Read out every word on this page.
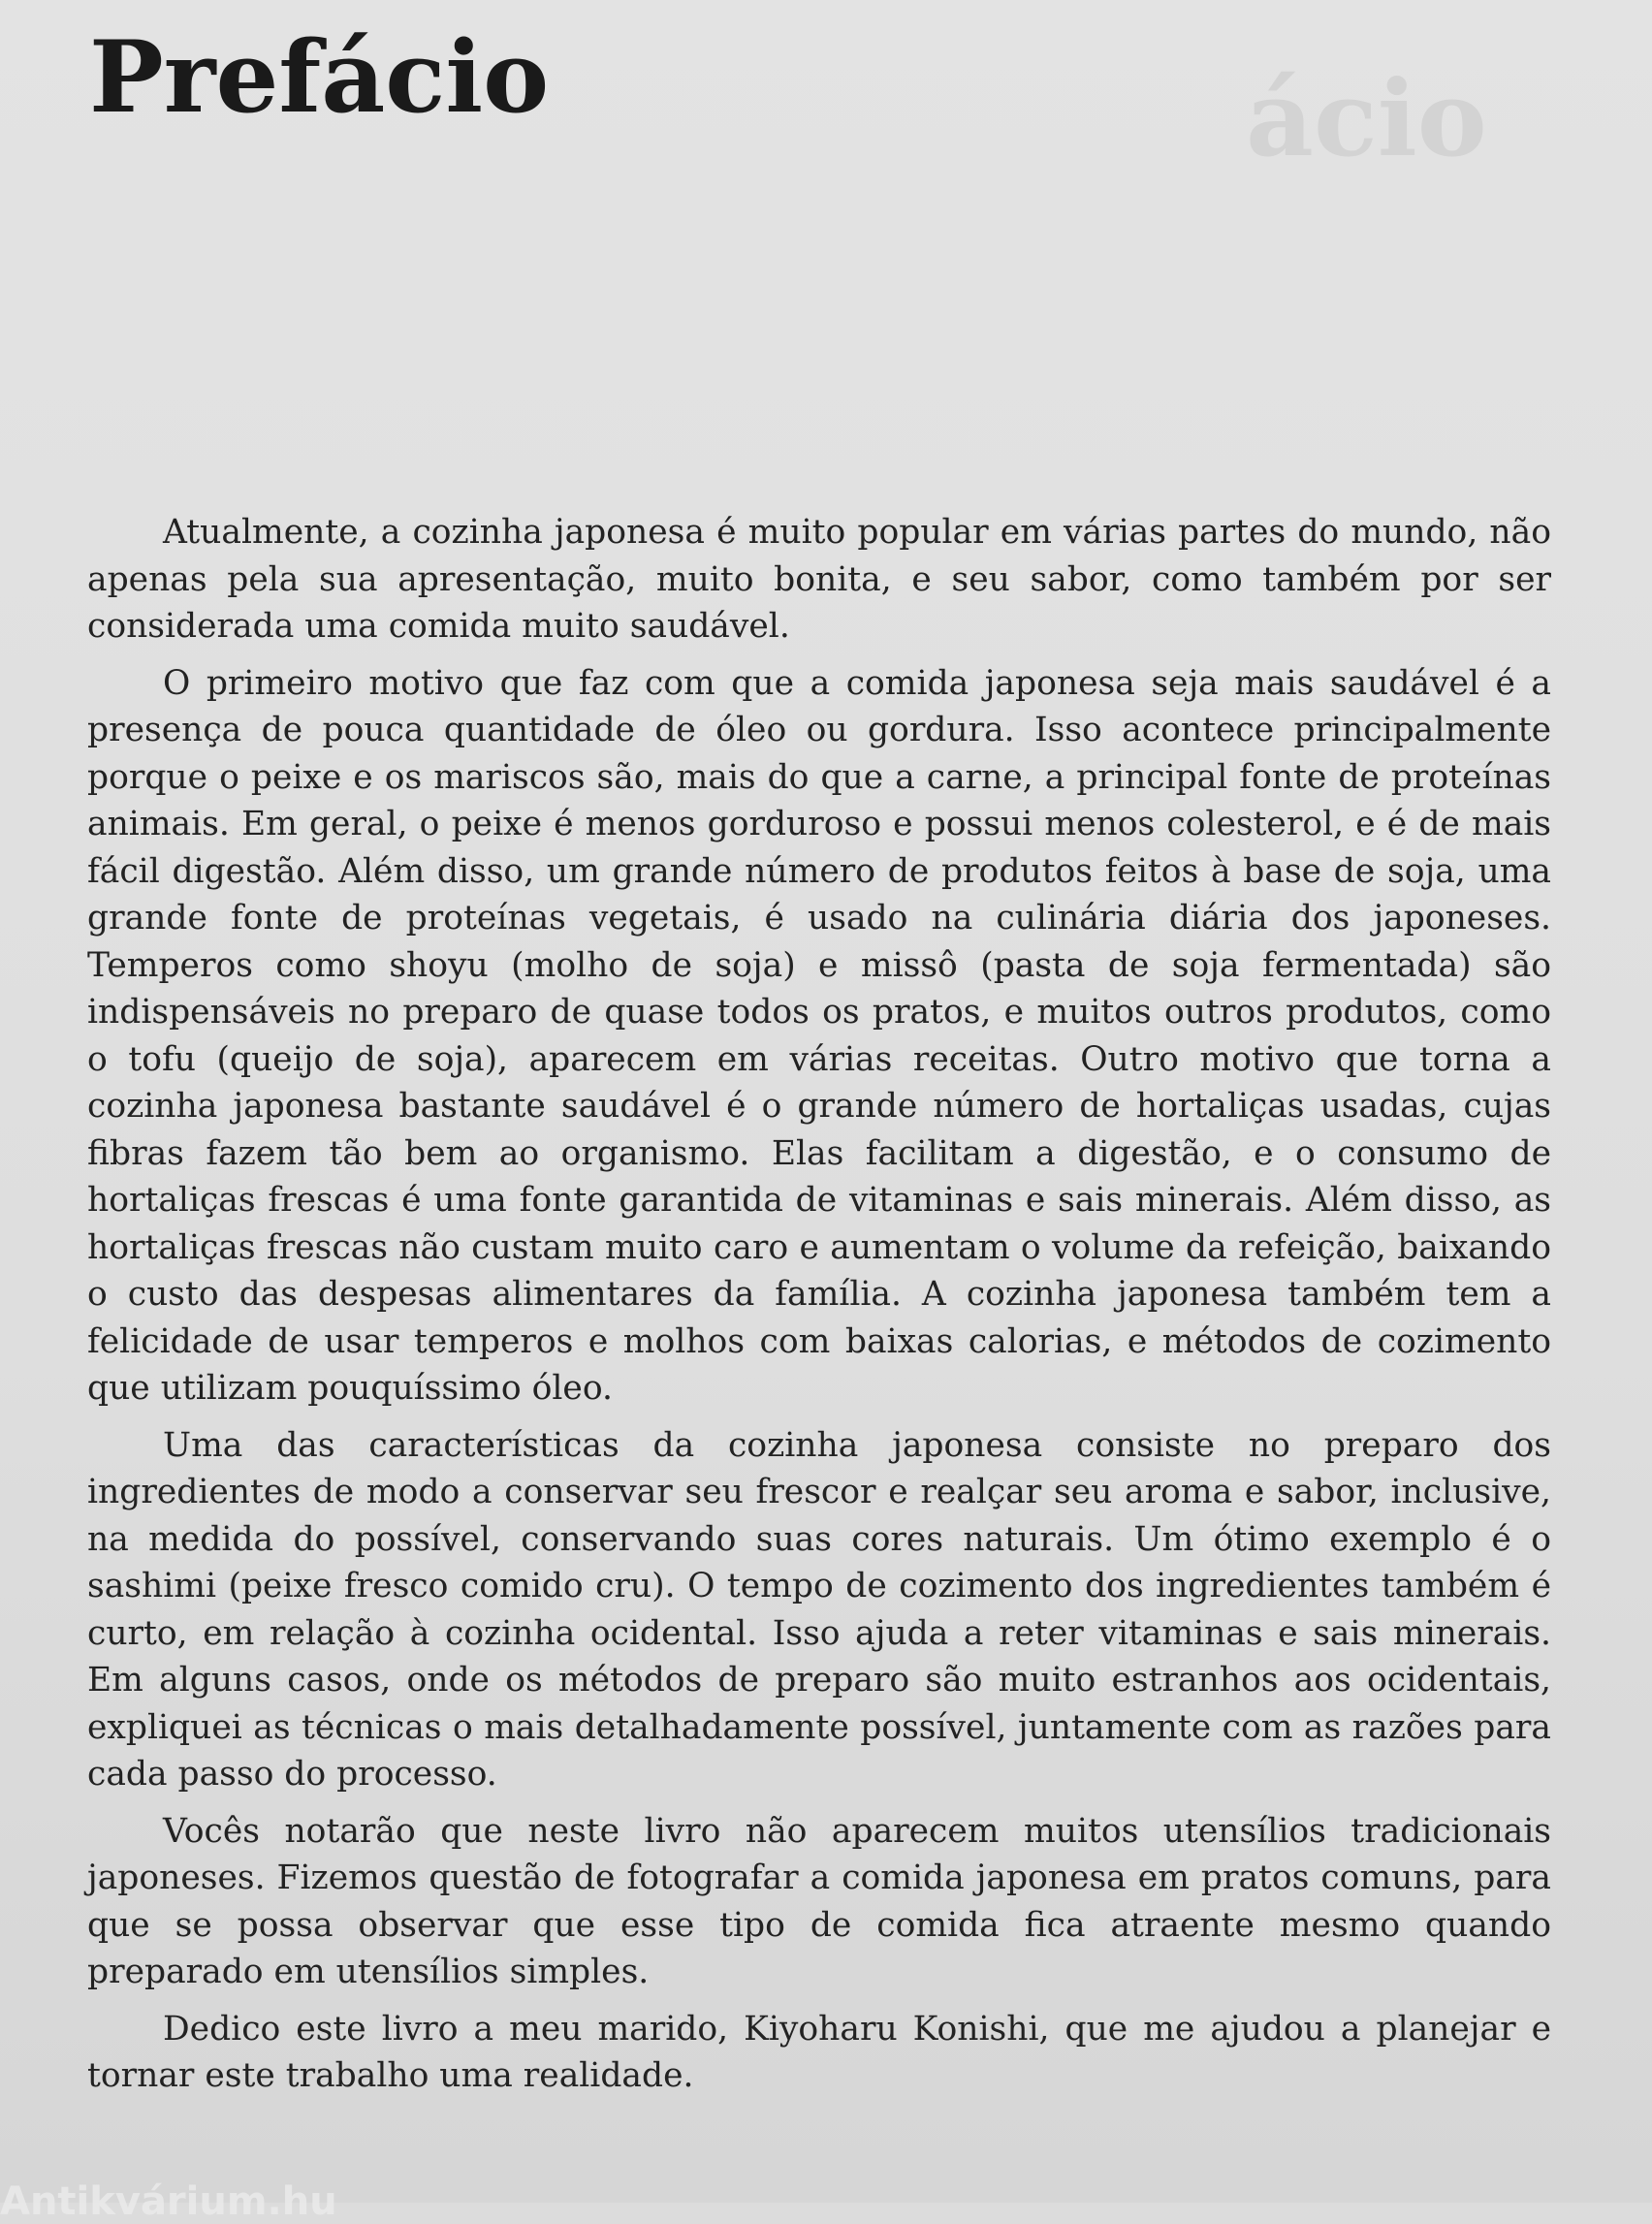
ácio
Prefácio

Atualmente, a cozinha japonesa é muito popular em várias partes do mundo, não apenas pela sua apresentação, muito bonita, e seu sabor, como também por ser considerada uma comida muito saudável.

O primeiro motivo que faz com que a comida japonesa seja mais saudável é a presença de pouca quantidade de óleo ou gordura. Isso acontece principalmente porque o peixe e os mariscos são, mais do que a carne, a principal fonte de proteínas animais. Em geral, o peixe é menos gorduroso e possui menos colesterol, e é de mais fácil digestão. Além disso, um grande número de produtos feitos à base de soja, uma grande fonte de proteínas vegetais, é usado na culinária diária dos japoneses. Temperos como shoyu (molho de soja) e missô (pasta de soja fermentada) são indispensáveis no preparo de quase todos os pratos, e muitos outros produtos, como o tofu (queijo de soja), aparecem em várias receitas. Outro motivo que torna a cozinha japonesa bastante saudável é o grande número de hortaliças usadas, cujas fibras fazem tão bem ao organismo. Elas facilitam a digestão, e o consumo de hortaliças frescas é uma fonte garantida de vitaminas e sais minerais. Além disso, as hortaliças frescas não custam muito caro e aumentam o volume da refeição, baixando o custo das despesas alimentares da família. A cozinha japonesa também tem a felicidade de usar temperos e molhos com baixas calorias, e métodos de cozimento que utilizam pouquíssimo óleo.

Uma das características da cozinha japonesa consiste no preparo dos ingredientes de modo a conservar seu frescor e realçar seu aroma e sabor, inclusive, na medida do possível, conservando suas cores naturais. Um ótimo exemplo é o sashimi (peixe fresco comido cru). O tempo de cozimento dos ingredientes também é curto, em relação à cozinha ocidental. Isso ajuda a reter vitaminas e sais minerais. Em alguns casos, onde os métodos de preparo são muito estranhos aos ocidentais, expliquei as técnicas o mais detalhadamente possível, juntamente com as razões para cada passo do processo.

Vocês notarão que neste livro não aparecem muitos utensílios tradicionais japoneses. Fizemos questão de fotografar a comida japonesa em pratos comuns, para que se possa observar que esse tipo de comida fica atraente mesmo quando preparado em utensílios simples.

Dedico este livro a meu marido, Kiyoharu Konishi, que me ajudou a planejar e tornar este trabalho uma realidade.

Antikvárium.hu
